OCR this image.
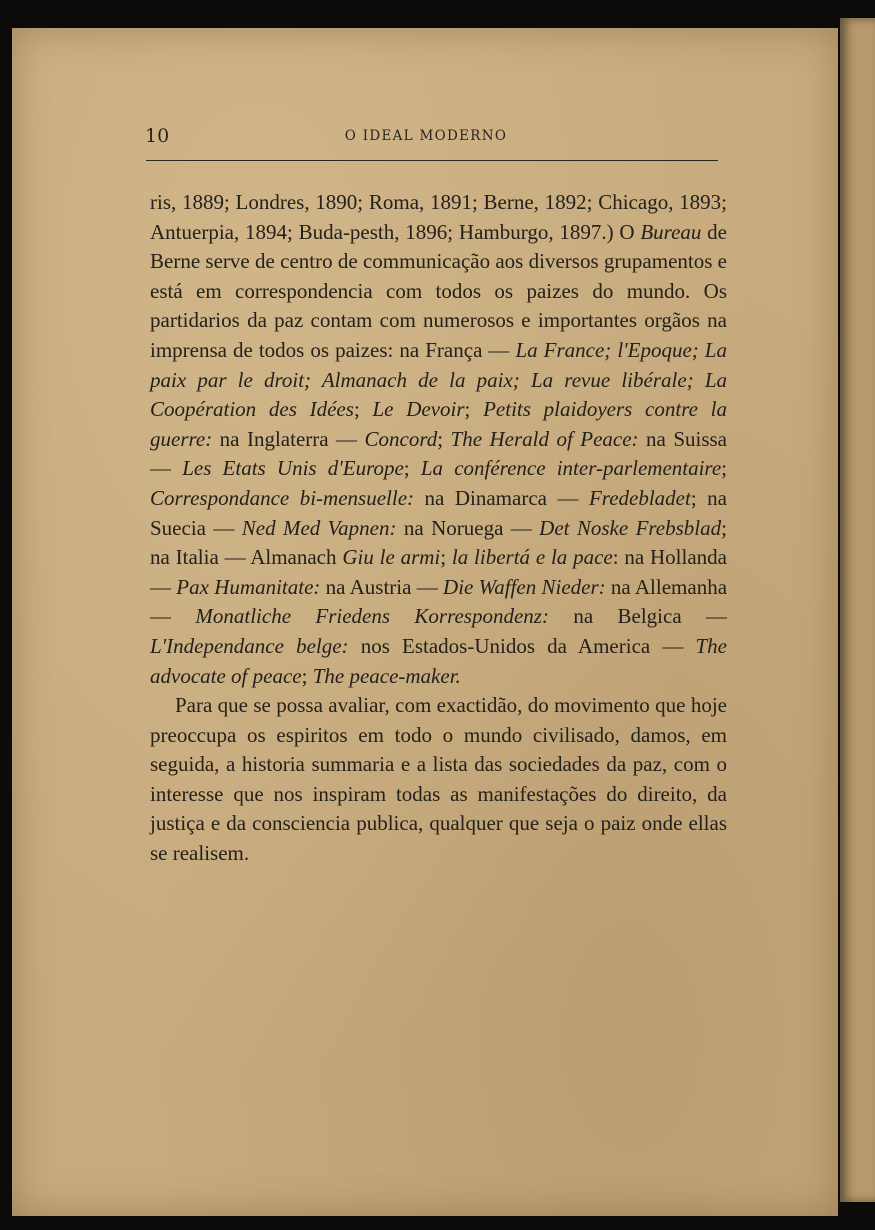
10	O IDEAL MODERNO

ris, 1889; Londres, 1890; Roma, 1891; Berne, 1892; Chicago, 1893; Antuerpia, 1894; Buda-pesth, 1896; Hamburgo, 1897.) O Bureau de Berne serve de centro de communicação aos diversos grupamentos e está em correspondencia com todos os paizes do mundo. Os partidarios da paz contam com numerosos e importantes orgãos na imprensa de todos os paizes: na França — La France; l'Epoque; La paix par le droit; Almanach de la paix; La revue libérale; La Coopération des Idées; Le Devoir; Petits plaidoyers contre la guerre: na Inglaterra — Concord; The Herald of Peace: na Suissa — Les Etats Unis d'Europe; La conférence inter-parlementaire; Correspondance bi-mensuelle: na Dinamarca — Fredebladet; na Suecia — Ned Med Vapnen: na Noruega — Det Noske Frebsblad; na Italia — Almanach Giu le armi; la libertá e la pace: na Hollanda — Pax Humanitate: na Austria — Die Waffen Nieder: na Allemanha — Monatliche Friedens Korrespondenz: na Belgica — L'Independance belge: nos Estados-Unidos da America — The advocate of peace; The peace-maker.

Para que se possa avaliar, com exactidão, do movimento que hoje preoccupa os espiritos em todo o mundo civilisado, damos, em seguida, a historia summaria e a lista das sociedades da paz, com o interesse que nos inspiram todas as manifestações do direito, da justiça e da consciencia publica, qualquer que seja o paiz onde ellas se realisem.
